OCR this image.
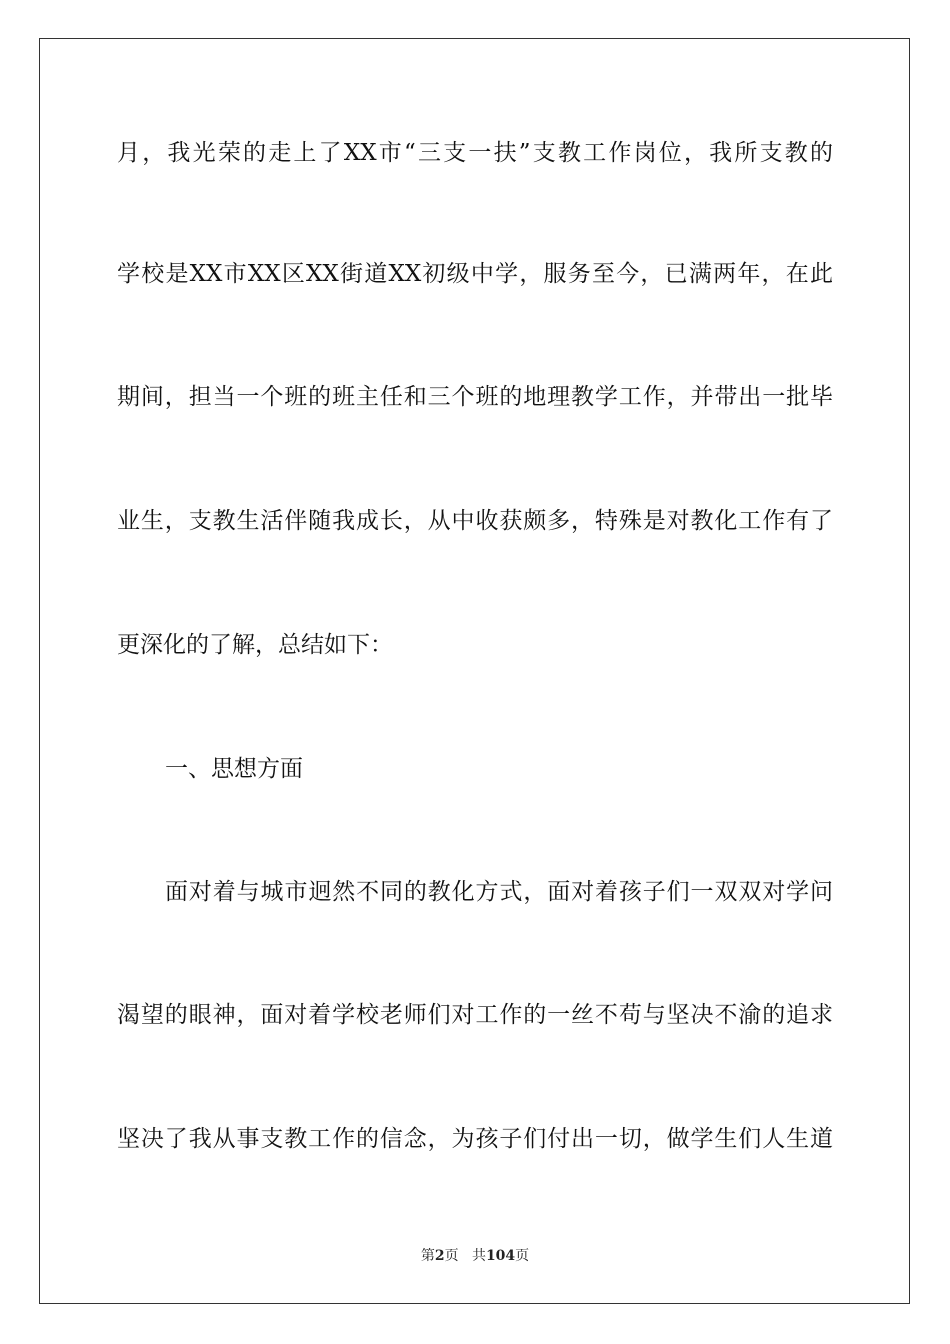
月，我光荣的走上了XX市“三支一扶”支教工作岗位，我所支教的
学校是XX市XX区XX街道XX初级中学，服务至今，已满两年，在此
期间，担当一个班的班主任和三个班的地理教学工作，并带出一批毕
业生，支教生活伴随我成长，从中收获颇多，特殊是对教化工作有了
更深化的了解，总结如下：
一、思想方面
面对着与城市迥然不同的教化方式，面对着孩子们一双双对学问
渴望的眼神，面对着学校老师们对工作的一丝不苟与坚决不渝的追求
坚决了我从事支教工作的信念，为孩子们付出一切，做学生们人生道
第2页 共104页
